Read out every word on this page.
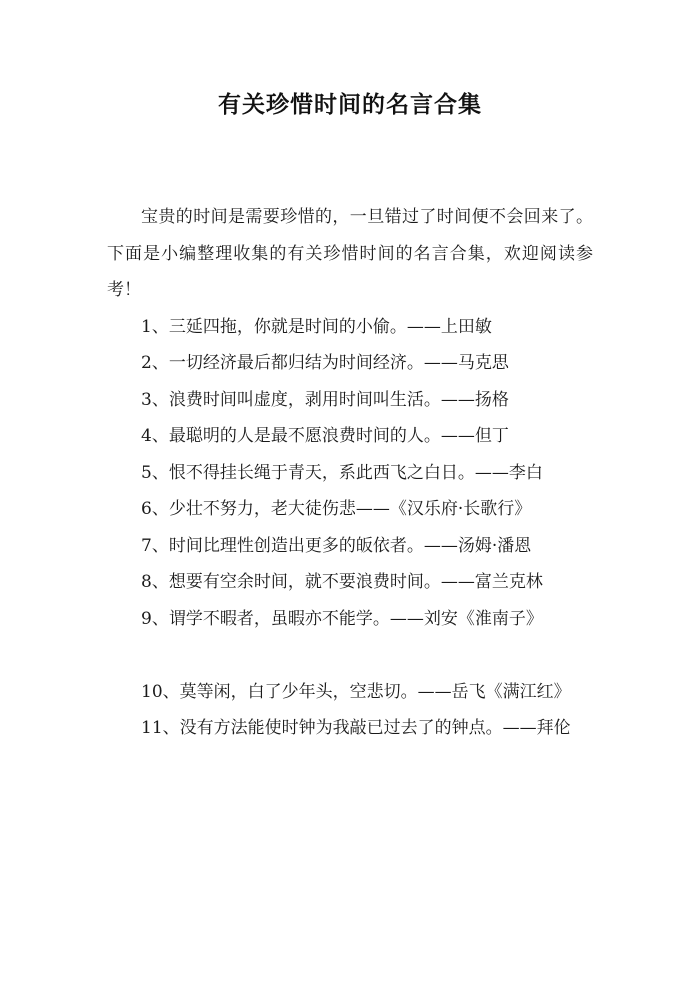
有关珍惜时间的名言合集

宝贵的时间是需要珍惜的，一旦错过了时间便不会回来了。下面是小编整理收集的有关珍惜时间的名言合集，欢迎阅读参考！

1、三延四拖，你就是时间的小偷。——上田敏

2、一切经济最后都归结为时间经济。——马克思

3、浪费时间叫虚度，剥用时间叫生活。——扬格

4、最聪明的人是最不愿浪费时间的人。——但丁

5、恨不得挂长绳于青天，系此西飞之白日。——李白

6、少壮不努力，老大徒伤悲——《汉乐府·长歌行》

7、时间比理性创造出更多的皈依者。——汤姆·潘恩

8、想要有空余时间，就不要浪费时间。——富兰克林

9、谓学不暇者，虽暇亦不能学。——刘安《淮南子》

10、莫等闲，白了少年头，空悲切。——岳飞《满江红》

11、没有方法能使时钟为我敲已过去了的钟点。——拜伦
